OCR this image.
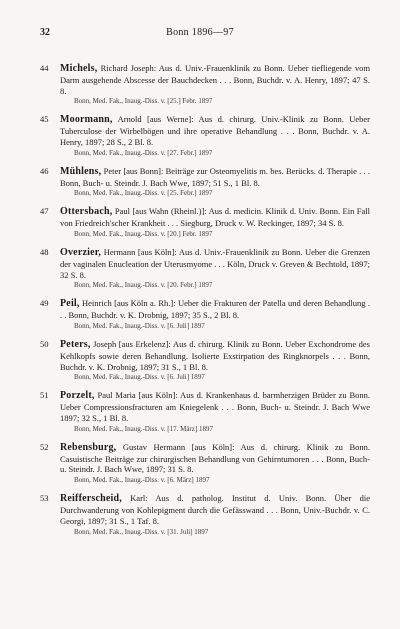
32	Bonn 1896—97
44	Michels, Richard Joseph: Aus d. Univ.-Frauenklinik zu Bonn. Ueber tiefliegende vom Darm ausgehende Abscesse der Bauchdecken . . . Bonn, Buchdr. v. A. Henry, 1897; 47 S. 8.
Bonn, Med. Fak., Inaug.-Diss. v. [25.] Febr. 1897
45	Moormann, Arnold [aus Werne]: Aus d. chirurg. Univ.-Klinik zu Bonn. Ueber Tuberculose der Wirbelbögen und ihre operative Behandlung . . . Bonn, Buchdr. v. A. Henry, 1897; 28 S., 2 Bl. 8.
Bonn, Med. Fak., Inaug.-Diss. v. [27. Febr.] 1897
46	Mühlens, Peter [aus Bonn]: Beiträge zur Osteomyelitis m. bes. Berücks. d. Therapie . . . Bonn, Buch- u. Steindr. J. Bach Wwe, 1897; 51 S., 1 Bl. 8.
Bonn, Med. Fak., Inaug.-Diss. v. [25. Febr.] 1897
47	Ottersbach, Paul [aus Wahn (Rheinl.)]: Aus d. medicin. Klinik d. Univ. Bonn. Ein Fall von Friedreich'scher Krankheit . . . Siegburg, Druck v. W. Reckinger, 1897; 34 S. 8.
Bonn, Med. Fak., Inaug.-Diss. v. [20.] Febr. 1897
48	Overzier, Hermann [aus Köln]: Aus d. Univ.-Frauenklinik zu Bonn. Ueber die Grenzen der vaginalen Enucleation der Uterusmyome . . . Köln, Druck v. Greven & Bechtold, 1897; 32 S. 8.
Bonn, Med. Fak., Inaug.-Diss. v. [20. Febr.] 1897
49	Peil, Heinrich [aus Köln a. Rh.]: Ueber die Frakturen der Patella und deren Behandlung . . . Bonn, Buchdr. v. K. Drobnig, 1897; 35 S., 2 Bl. 8.
Bonn, Med. Fak., Inaug.-Diss. v. [6. Juli] 1897
50	Peters, Joseph [aus Erkelenz]: Aus d. chirurg. Klinik zu Bonn. Ueber Exchondrome des Kehlkopfs sowie deren Behandlung. Isolierte Exstirpation des Ringknorpels . . . Bonn, Buchdr. v. K. Drobnig, 1897; 31 S., 1 Bl. 8.
Bonn, Med. Fak., Inaug.-Diss. v. [6. Juli] 1897
51	Porzelt, Paul Maria [aus Köln]: Aus d. Krankenhaus d. barmherzigen Brüder zu Bonn. Ueber Compressionsfracturen am Kniegelenk . . . Bonn, Buch- u. Steindr. J. Bach Wwe 1897; 32 S., 1 Bl. 8.
Bonn, Med. Fak., Inaug.-Diss. v. [17. März] 1897
52	Rebensburg, Gustav Hermann [aus Köln]: Aus d. chirurg. Klinik zu Bonn. Casuistische Beiträge zur chirurgischen Behandlung von Gehirntumoren . . . Bonn, Buch- u. Steindr. J. Bach Wwe, 1897; 31 S. 8.
Bonn, Med. Fak., Inaug.-Diss. v. [6. März] 1897
53	Reifferscheid, Karl: Aus d. patholog. Institut d. Univ. Bonn. Über die Durchwanderung von Kohlepigment durch die Gefässwand . . . Bonn, Univ.-Buchdr. v. C. Georgi, 1897; 31 S., 1 Taf. 8.
Bonn, Med. Fak., Inaug.-Diss. v. [31. Juli] 1897
